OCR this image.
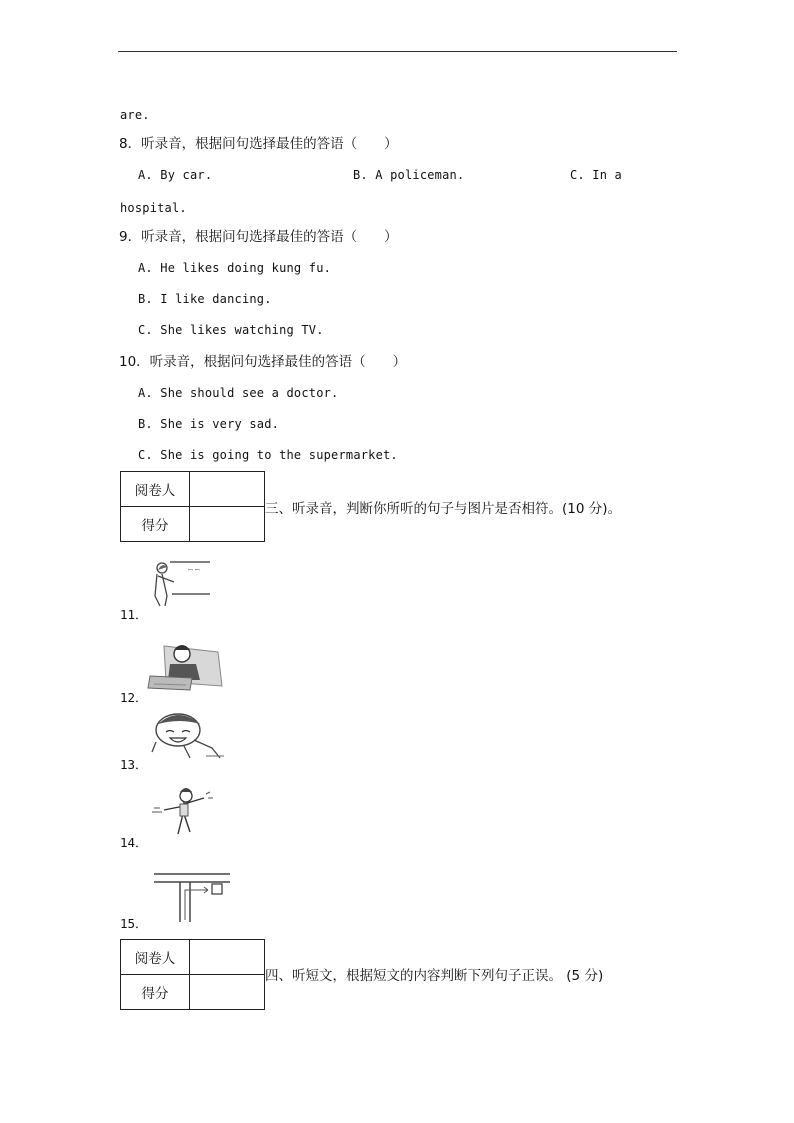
are.
8．听录音，根据问句选择最佳的答语（　　）
A. By car.	B. A policeman.	C. In a
hospital.
9．听录音，根据问句选择最佳的答语（　　）
A. He likes doing kung fu.
B. I like dancing.
C. She likes watching TV.
10．听录音，根据问句选择最佳的答语（　　）
A. She should see a doctor.
B. She is very sad.
C. She is going to the supermarket.
阅卷人	
得分	
三、听录音，判断你所听的句子与图片是否相符。(10 分)。
ꟷ ꟷ
11．
12．
13．
14．
15．
阅卷人	
得分	
四、听短文，根据短文的内容判断下列句子正误。 (5 分)
